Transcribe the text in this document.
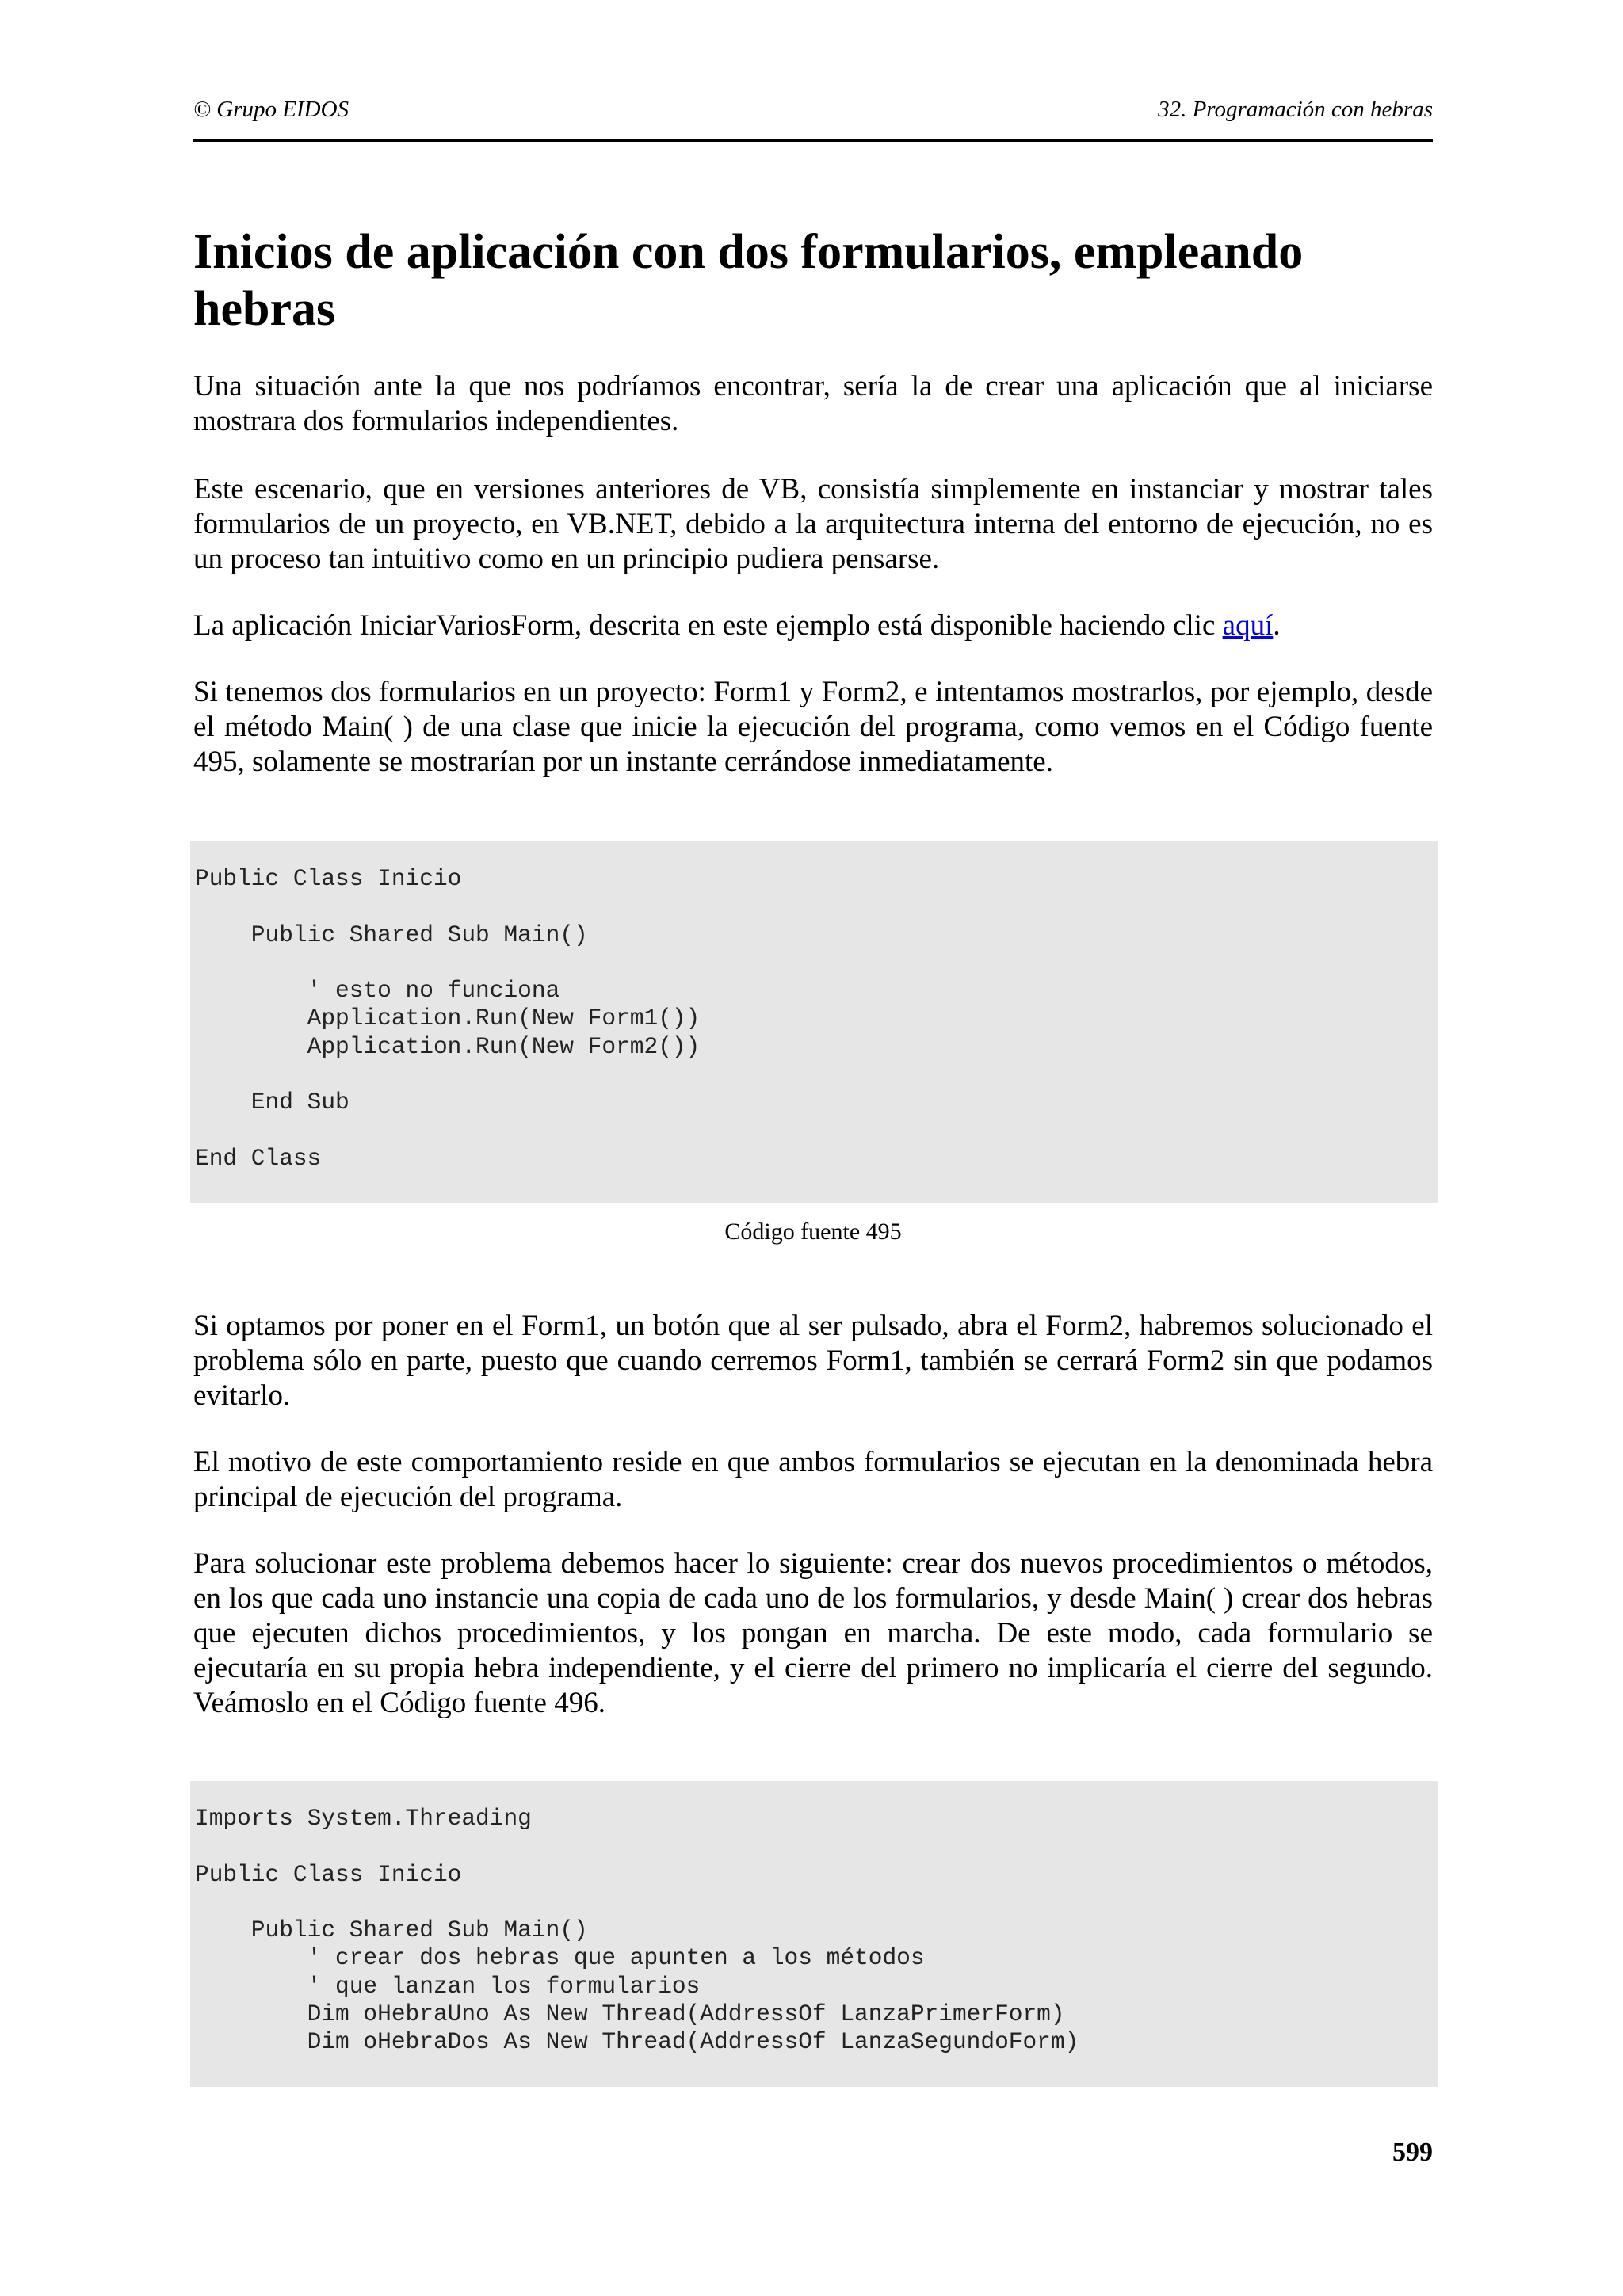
© Grupo EIDOS	32. Programación con hebras
Inicios de aplicación con dos formularios, empleando hebras

Una situación ante la que nos podríamos encontrar, sería la de crear una aplicación que al iniciarse mostrara dos formularios independientes.

Este escenario, que en versiones anteriores de VB, consistía simplemente en instanciar y mostrar tales formularios de un proyecto, en VB.NET, debido a la arquitectura interna del entorno de ejecución, no es un proceso tan intuitivo como en un principio pudiera pensarse.

La aplicación IniciarVariosForm, descrita en este ejemplo está disponible haciendo clic aquí.

Si tenemos dos formularios en un proyecto: Form1 y Form2, e intentamos mostrarlos, por ejemplo, desde el método Main( ) de una clase que inicie la ejecución del programa, como vemos en el Código fuente 495, solamente se mostrarían por un instante cerrándose inmediatamente.

Public Class Inicio
Public Shared Sub Main()
' esto no funciona
Application.Run(New Form1())
Application.Run(New Form2())
End Sub
End Class
Código fuente 495

Si optamos por poner en el Form1, un botón que al ser pulsado, abra el Form2, habremos solucionado el problema sólo en parte, puesto que cuando cerremos Form1, también se cerrará Form2 sin que podamos evitarlo.

El motivo de este comportamiento reside en que ambos formularios se ejecutan en la denominada hebra principal de ejecución del programa.

Para solucionar este problema debemos hacer lo siguiente: crear dos nuevos procedimientos o métodos, en los que cada uno instancie una copia de cada uno de los formularios, y desde Main( ) crear dos hebras que ejecuten dichos procedimientos, y los pongan en marcha. De este modo, cada formulario se ejecutaría en su propia hebra independiente, y el cierre del primero no implicaría el cierre del segundo. Veámoslo en el Código fuente 496.

Imports System.Threading
Public Class Inicio
Public Shared Sub Main()
' crear dos hebras que apunten a los métodos
' que lanzan los formularios
Dim oHebraUno As New Thread(AddressOf LanzaPrimerForm)
Dim oHebraDos As New Thread(AddressOf LanzaSegundoForm)
599
